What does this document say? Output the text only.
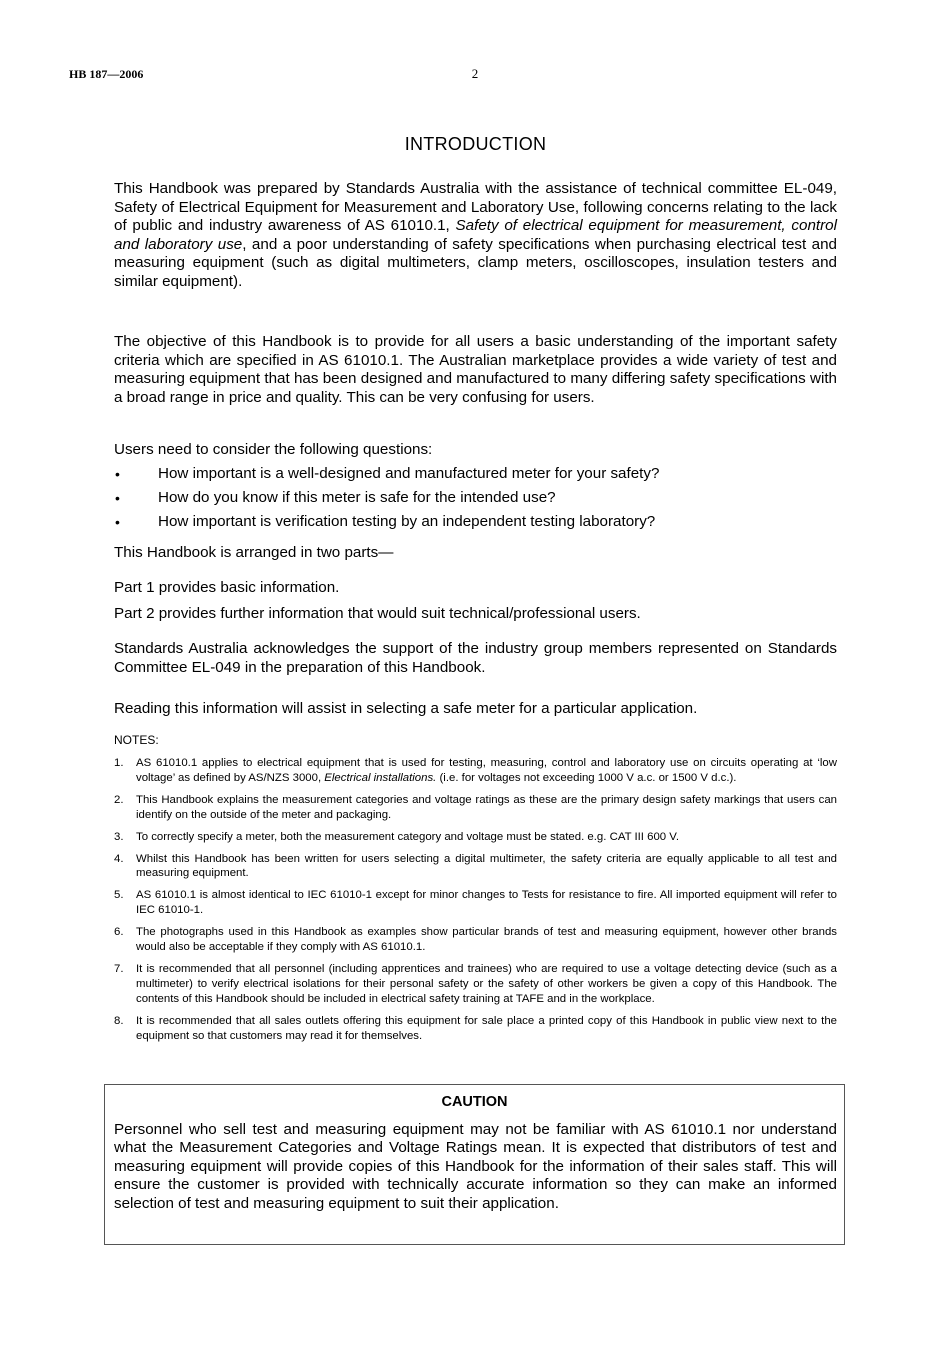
HB 187—2006	2
INTRODUCTION

This Handbook was prepared by Standards Australia with the assistance of technical committee EL-049, Safety of Electrical Equipment for Measurement and Laboratory Use, following concerns relating to the lack of public and industry awareness of AS 61010.1, Safety of electrical equipment for measurement, control and laboratory use, and a poor understanding of safety specifications when purchasing electrical test and measuring equipment (such as digital multimeters, clamp meters, oscilloscopes, insulation testers and similar equipment).

The objective of this Handbook is to provide for all users a basic understanding of the important safety criteria which are specified in AS 61010.1. The Australian marketplace provides a wide variety of test and measuring equipment that has been designed and manufactured to many differing safety specifications with a broad range in price and quality. This can be very confusing for users.

Users need to consider the following questions:

•	How important is a well-designed and manufactured meter for your safety?
•	How do you know if this meter is safe for the intended use?
•	How important is verification testing by an independent testing laboratory?

This Handbook is arranged in two parts—

Part 1 provides basic information.

Part 2 provides further information that would suit technical/professional users.

Standards Australia acknowledges the support of the industry group members represented on Standards Committee EL-049 in the preparation of this Handbook.

Reading this information will assist in selecting a safe meter for a particular application.

NOTES:
1. AS 61010.1 applies to electrical equipment that is used for testing, measuring, control and laboratory use on circuits operating at ‘low voltage’ as defined by AS/NZS 3000, Electrical installations. (i.e. for voltages not exceeding 1000 V a.c. or 1500 V d.c.).
2. This Handbook explains the measurement categories and voltage ratings as these are the primary design safety markings that users can identify on the outside of the meter and packaging.
3. To correctly specify a meter, both the measurement category and voltage must be stated. e.g. CAT III 600 V.
4. Whilst this Handbook has been written for users selecting a digital multimeter, the safety criteria are equally applicable to all test and measuring equipment.
5. AS 61010.1 is almost identical to IEC 61010-1 except for minor changes to Tests for resistance to fire. All imported equipment will refer to IEC 61010-1.
6. The photographs used in this Handbook as examples show particular brands of test and measuring equipment, however other brands would also be acceptable if they comply with AS 61010.1.
7. It is recommended that all personnel (including apprentices and trainees) who are required to use a voltage detecting device (such as a multimeter) to verify electrical isolations for their personal safety or the safety of other workers be given a copy of this Handbook. The contents of this Handbook should be included in electrical safety training at TAFE and in the workplace.
8. It is recommended that all sales outlets offering this equipment for sale place a printed copy of this Handbook in public view next to the equipment so that customers may read it for themselves.
CAUTION

Personnel who sell test and measuring equipment may not be familiar with AS 61010.1 nor understand what the Measurement Categories and Voltage Ratings mean. It is expected that distributors of test and measuring equipment will provide copies of this Handbook for the information of their sales staff. This will ensure the customer is provided with technically accurate information so they can make an informed selection of test and measuring equipment to suit their application.
